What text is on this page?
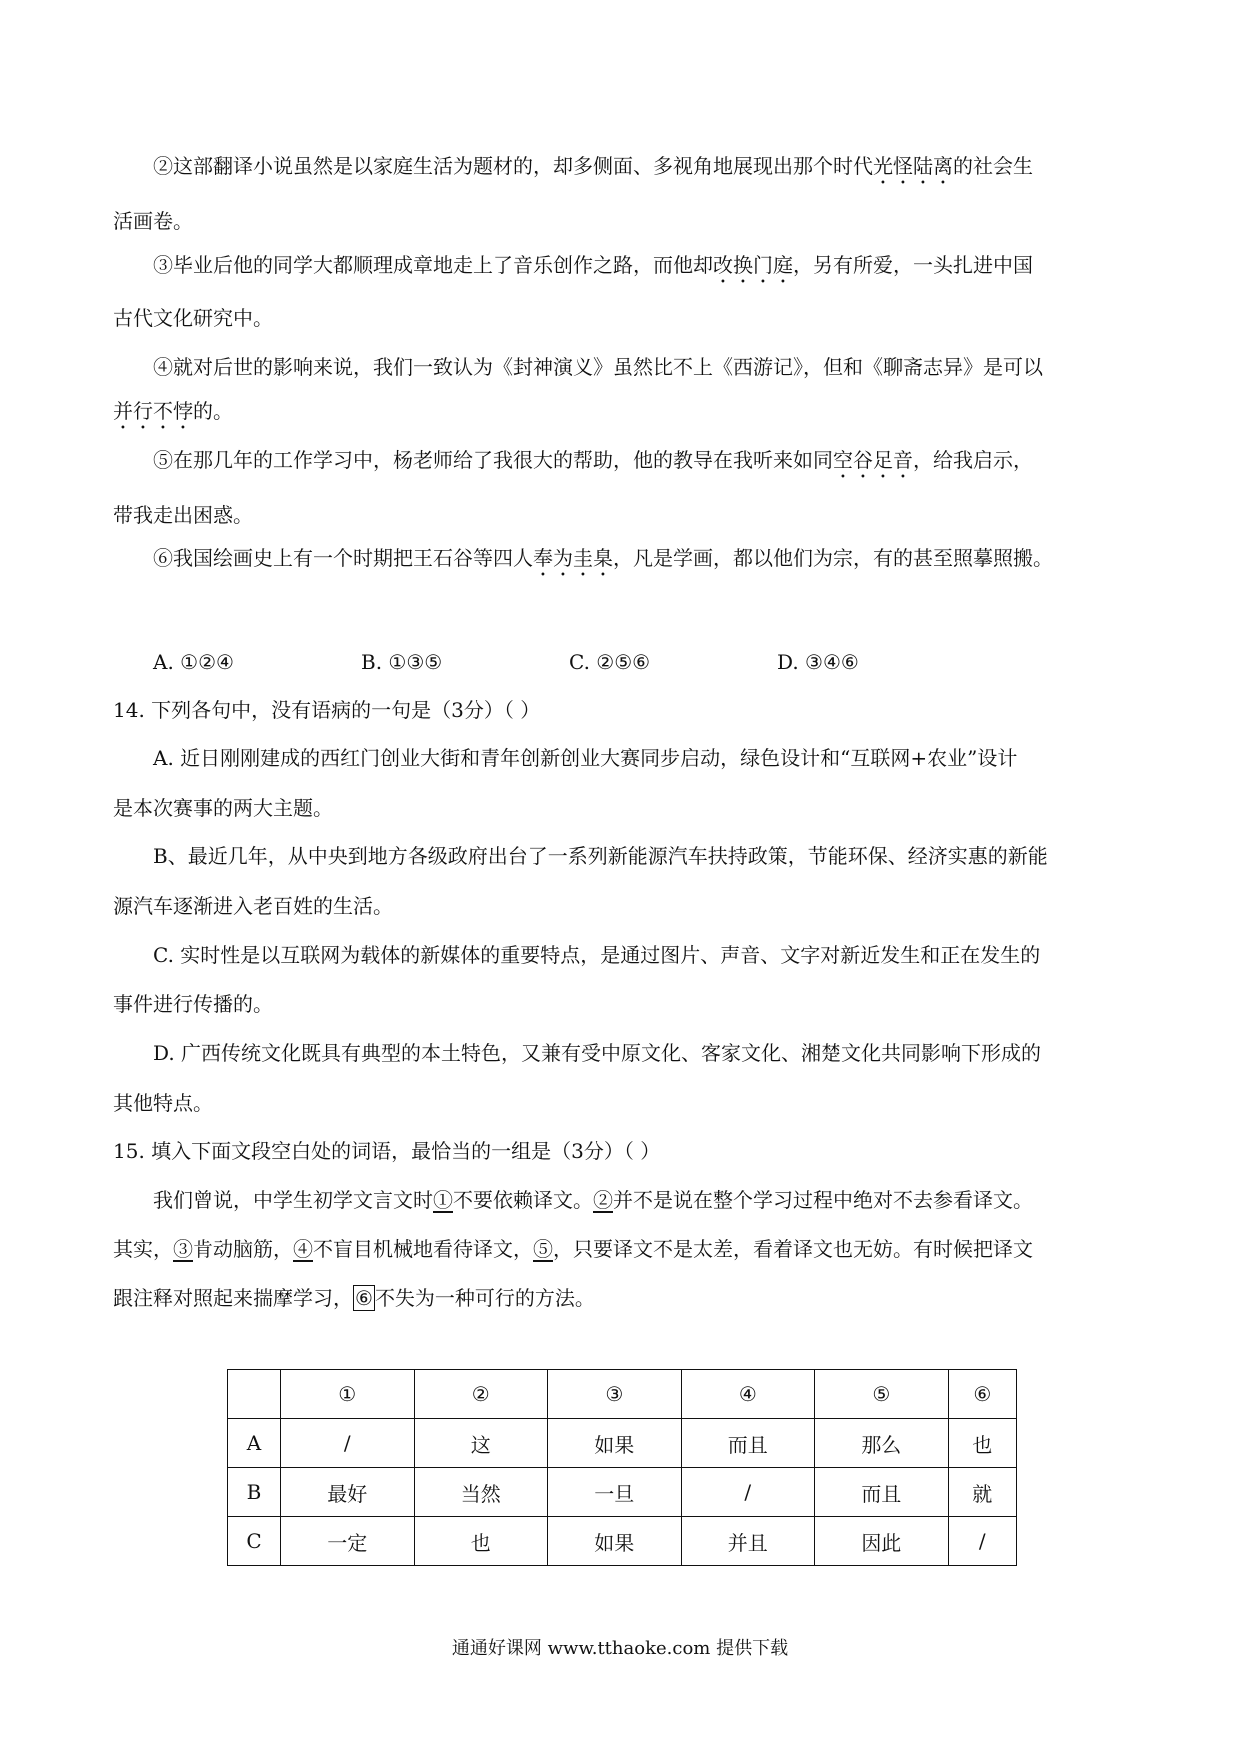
②这部翻译小说虽然是以家庭生活为题材的，却多侧面、多视角地展现出那个时代光怪陆离的社会生
活画卷。
③毕业后他的同学大都顺理成章地走上了音乐创作之路，而他却改换门庭，另有所爱，一头扎进中国
古代文化研究中。
④就对后世的影响来说，我们一致认为《封神演义》虽然比不上《西游记》，但和《聊斋志异》是可以
并行不悖的。
⑤在那几年的工作学习中，杨老师给了我很大的帮助，他的教导在我听来如同空谷足音，给我启示，
带我走出困惑。
⑥我国绘画史上有一个时期把王石谷等四人奉为圭臬，凡是学画，都以他们为宗，有的甚至照摹照搬。
A. ①②④	B. ①③⑤	C. ②⑤⑥	D. ③④⑥
14. 下列各句中，没有语病的一句是（3分）（ ）
A. 近日刚刚建成的西红门创业大街和青年创新创业大赛同步启动，绿色设计和“互联网+农业”设计
是本次赛事的两大主题。
B、最近几年，从中央到地方各级政府出台了一系列新能源汽车扶持政策，节能环保、经济实惠的新能
源汽车逐渐进入老百姓的生活。
C. 实时性是以互联网为载体的新媒体的重要特点，是通过图片、声音、文字对新近发生和正在发生的
事件进行传播的。
D. 广西传统文化既具有典型的本土特色，又兼有受中原文化、客家文化、湘楚文化共同影响下形成的
其他特点。
15. 填入下面文段空白处的词语，最恰当的一组是（3分）（ ）
我们曾说，中学生初学文言文时①不要依赖译文。②并不是说在整个学习过程中绝对不去参看译文。
其实，③肯动脑筋，④不盲目机械地看待译文，⑤，只要译文不是太差，看着译文也无妨。有时候把译文
跟注释对照起来揣摩学习， ⑥ 不失为一种可行的方法。
	①	②	③	④	⑤	⑥
A	/	这	如果	而且	那么	也
B	最好	当然	一旦	/	而且	就
C	一定	也	如果	并且	因此	/
通通好课网 www.tthaoke.com 提供下载
